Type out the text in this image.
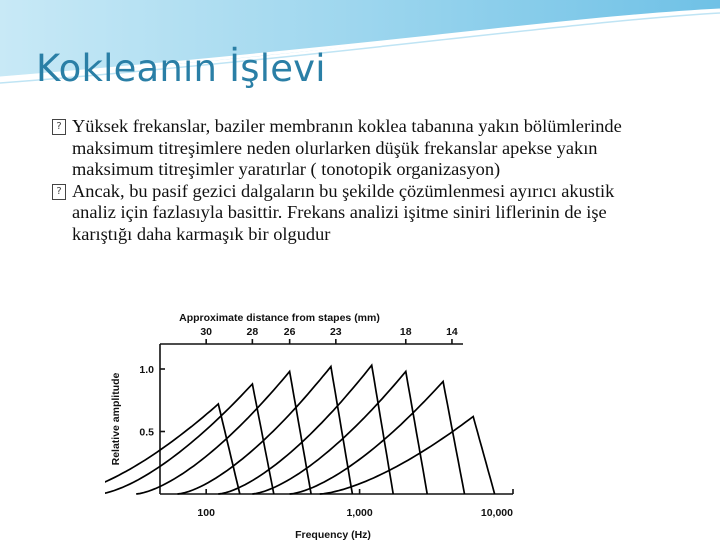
Kokleanın İşlevi
? Yüksek frekanslar, baziler membranın koklea tabanına yakın bölümlerinde maksimum titreşimlere neden olurlarken düşük frekanslar apekse yakın maksimum titreşimler yaratırlar ( tonotopik organizasyon)
? Ancak, bu pasif gezici dalgaların bu şekilde çözümlenmesi ayırıcı akustik analiz için fazlasıyla basittir. Frekans analizi işitme siniri liflerinin de işe karıştığı daha karmaşık bir olgudur
Approximate distance from stapes (mm)
30	28 26	23	18	14
0.5
1.0
Relative amplitude
100	1,000	10,000
Frequency (Hz)
